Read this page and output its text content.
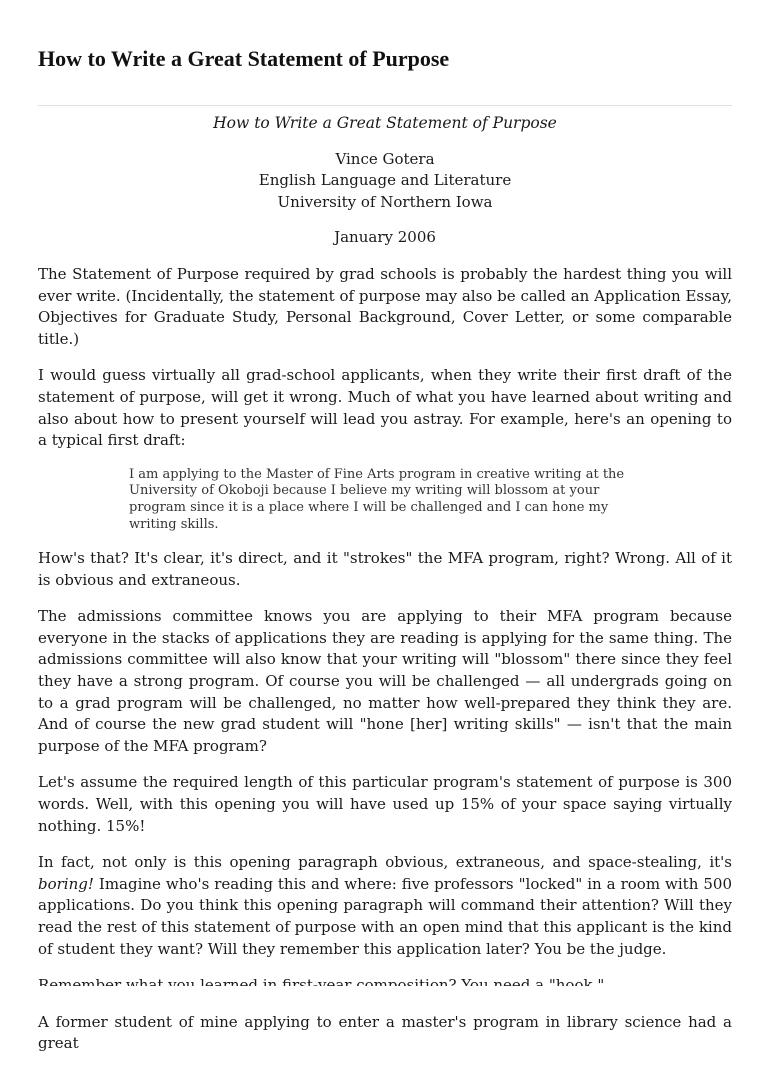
How to Write a Great Statement of Purpose

How to Write a Great Statement of Purpose

Vince Gotera

English Language and Literature

University of Northern Iowa

January 2006

The Statement of Purpose required by grad schools is probably the hardest thing you will ever write. (Incidentally, the statement of purpose may also be called an Application Essay, Objectives for Graduate Study, Personal Background, Cover Letter, or some comparable title.)

I would guess virtually all grad-school applicants, when they write their first draft of the statement of purpose, will get it wrong. Much of what you have learned about writing and also about how to present yourself will lead you astray. For example, here's an opening to a typical first draft:

I am applying to the Master of Fine Arts program in creative writing at the University of Okoboji because I believe my writing will blossom at your program since it is a place where I will be challenged and I can hone my writing skills.

How's that? It's clear, it's direct, and it "strokes" the MFA program, right? Wrong. All of it is obvious and extraneous.

The admissions committee knows you are applying to their MFA program because everyone in the stacks of applications they are reading is applying for the same thing. The admissions committee will also know that your writing will "blossom" there since they feel they have a strong program. Of course you will be challenged — all undergrads going on to a grad program will be challenged, no matter how well-prepared they think they are. And of course the new grad student will "hone [her] writing skills" — isn't that the main purpose of the MFA program?

Let's assume the required length of this particular program's statement of purpose is 300 words. Well, with this opening you will have used up 15% of your space saying virtually nothing. 15%!

In fact, not only is this opening paragraph obvious, extraneous, and space-stealing, it's boring! Imagine who's reading this and where: five professors "locked" in a room with 500 applications. Do you think this opening paragraph will command their attention? Will they read the rest of this statement of purpose with an open mind that this applicant is the kind of student they want? Will they remember this application later? You be the judge.

A former student of mine applying to enter a master's program in library science had a great
